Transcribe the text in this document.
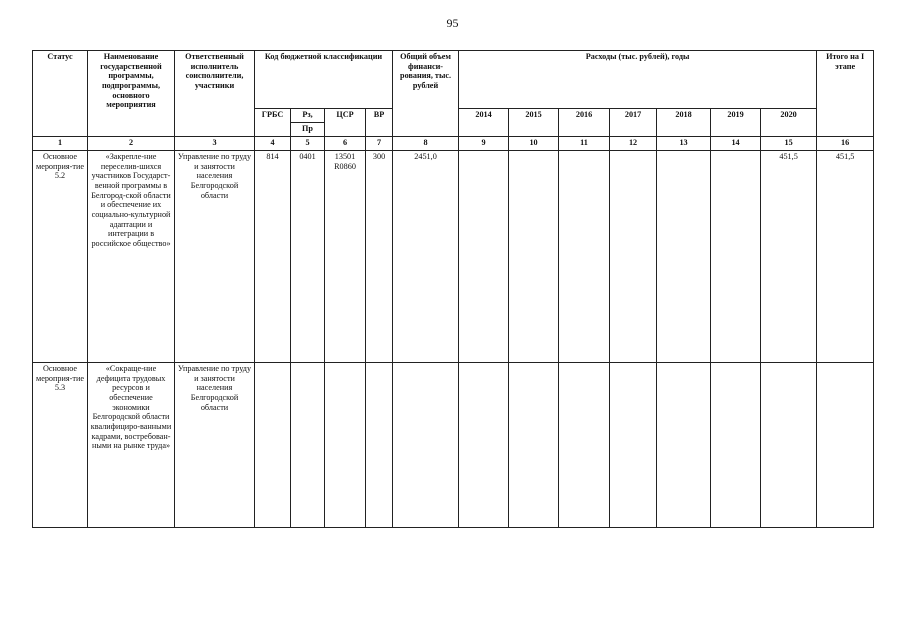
95
Статус	Наименование государственной программы, подпрограммы, основного мероприятия	Ответственный исполнитель соисполнители, участники	Код бюджетной классификации				Общий объем финанси-рования, тыс. рублей	Расходы (тыс. рублей), годы							Итого на I этапе
			ГРБС	Рз,	ЦСР	ВР		2014	2015	2016	2017	2018	2019	2020	
				Пр											
1	2	3	4	5	6	7	8	9	10	11	12	13	14	15	16
Основное мероприя-тие 5.2	«Закрепле-ние переселив-шихся участников Государст-венной программы в Белгород-ской области и обеспечение их социально-культурной адаптации и интеграции в российское общество»	Управление по труду и занятости населения Белгородской области	814	0401	13501 R0860	300	2451,0							451,5	451,5
Основное мероприя-тие 5.3	«Сокраще-ние дефицита трудовых ресурсов и обеспечение экономики Белгородской области квалифициро-ванными кадрами, востребован-ными на рынке труда»	Управление по труду и занятости населения Белгородской области													
